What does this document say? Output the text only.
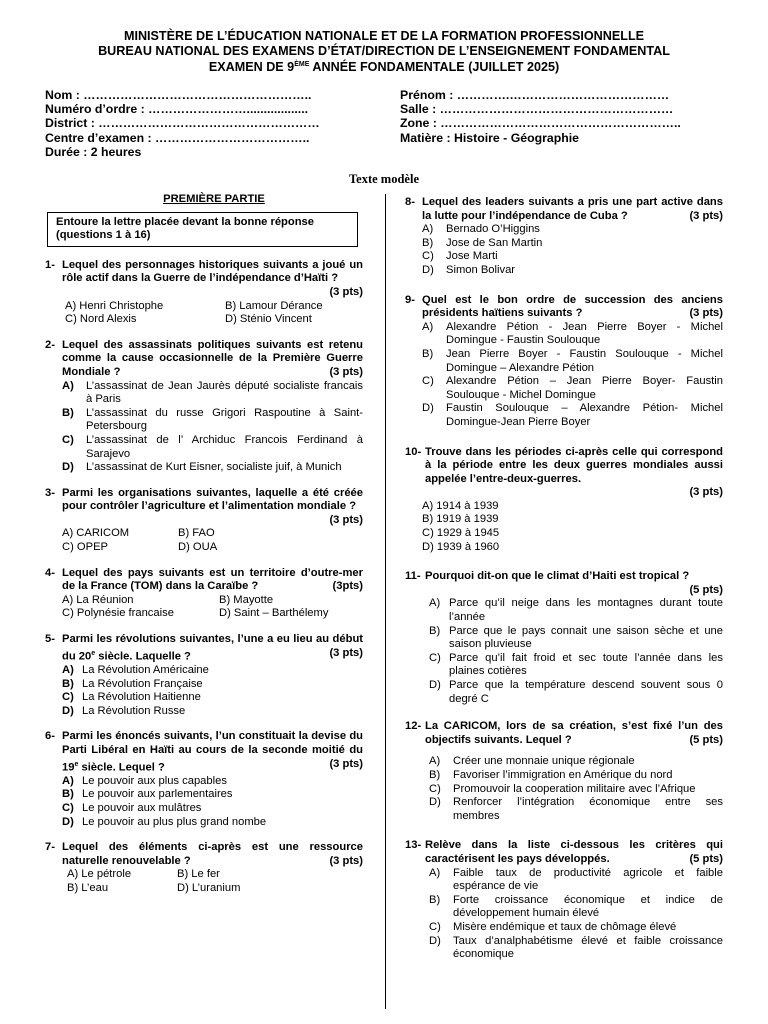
MINISTÈRE DE L’ÉDUCATION NATIONALE ET DE LA FORMATION PROFESSIONNELLE
BUREAU NATIONAL DES EXAMENS D’ÉTAT/DIRECTION DE L’ENSEIGNEMENT FONDAMENTAL
EXAMEN DE 9ÈME ANNÉE FONDAMENTALE (JUILLET 2025)
Nom : ………………………………………………..
Numéro d’ordre : ……………………..................
District : ………………………………………………
Centre d’examen : ………………………………..
Durée : 2 heures
Prénom : ………….…………………………………
Salle : …………………………………………………
Zone : …………………………………………………..
Matière : Histoire - Géographie
Texte modèle
PREMIÈRE PARTIE
Entoure la lettre placée devant la bonne réponse (questions 1 à 16)
1- Lequel des personnages historiques suivants a joué un rôle actif dans la Guerre de l’indépendance d’Haïti ?
(3 pts)
A) Henri Christophe	B) Lamour Dérance
C) Nord Alexis	D) Sténio Vincent
2- Lequel des assassinats politiques suivants est retenu comme la cause occasionnelle de la Première Guerre Mondiale ?	(3 pts)
A)	L’assassinat de Jean Jaurès député socialiste francais à Paris
B)	L’assassinat du russe Grigori Raspoutine à Saint-Petersbourg
C)	L’assassinat de l’ Archiduc Francois Ferdinand à Sarajevo
D)	L’assassinat de Kurt Eisner, socialiste juif, à Munich
3- Parmi les organisations suivantes, laquelle a été créée pour contrôler l’agriculture et l’alimentation mondiale ?
(3 pts)
A) CARICOM	B) FAO
C) OPEP	D) OUA
4- Lequel des pays suivants est un territoire d’outre-mer de la France (TOM) dans la Caraïbe ?	(3pts)
A) La Réunion	B) Mayotte
C) Polynésie francaise	D) Saint – Barthélemy
5- Parmi les révolutions suivantes, l’une a eu lieu au début du 20e siècle. Laquelle ?	(3 pts)
A) La Révolution Américaine
B) La Révolution Française
C) La Révolution Haitienne
D) La Révolution Russe
6- Parmi les énoncés suivants, l’un constituait la devise du Parti Libéral en Haïti au cours de la seconde moitié du 19e siècle. Lequel ?	(3 pts)
A) Le pouvoir aux plus capables
B) Le pouvoir aux parlementaires
C) Le pouvoir aux mulâtres
D) Le pouvoir au plus plus grand nombe
7- Lequel des éléments ci-après est une ressource naturelle renouvelable ?	(3 pts)
A) Le pétrole	B) Le fer
B) L’eau	D) L’uranium
8- Lequel des leaders suivants a pris une part active dans la lutte pour l’indépendance de Cuba ?	(3 pts)
A)	Bernado O’Higgins
B)	Jose de San Martin
C)	Jose Marti
D)	Simon Bolivar
9- Quel est le bon ordre de succession des anciens présidents haïtiens suivants ?	(3 pts)
A)	Alexandre Pétion - Jean Pierre Boyer - Michel Domingue - Faustin Soulouque
B)	Jean Pierre Boyer - Faustin Soulouque - Michel Domingue – Alexandre Pétion
C)	Alexandre Pétion – Jean Pierre Boyer- Faustin Soulouque - Michel Domingue
D)	Faustin Soulouque – Alexandre Pétion- Michel Domingue-Jean Pierre Boyer
10- Trouve dans les périodes ci-après celle qui correspond à la période entre les deux guerres mondiales aussi appelée l’entre-deux-guerres.
(3 pts)
A) 1914 à 1939
B) 1919 à 1939
C) 1929 à 1945
D) 1939 à 1960
11- Pourquoi dit-on que le climat d’Haiti est tropical ?
(5 pts)
A) Parce qu’il neige dans les montagnes durant toute l’année
B) Parce que le pays connait une saison sèche et une saison pluvieuse
C) Parce qu’il fait froid et sec toute l’année dans les plaines cotières
D) Parce que la température descend souvent sous 0 degré C
12- La CARICOM, lors de sa création, s’est fixé l’un des objectifs suivants. Lequel ?	(5 pts)
A)	Créer une monnaie unique régionale
B)	Favoriser l’immigration en Amérique du nord
C)	Promouvoir la cooperation militaire avec l’Afrique
D)	Renforcer l’intégration économique entre ses membres
13- Relève dans la liste ci-dessous les critères qui caractérisent les pays développés.	(5 pts)
A)	Faible taux de productivité agricole et faible espérance de vie
B)	Forte croissance économique et indice de développement humain élevé
C)	Misère endémique et taux de chômage élevé
D)	Taux d’analphabétisme élevé et faible croissance économique
